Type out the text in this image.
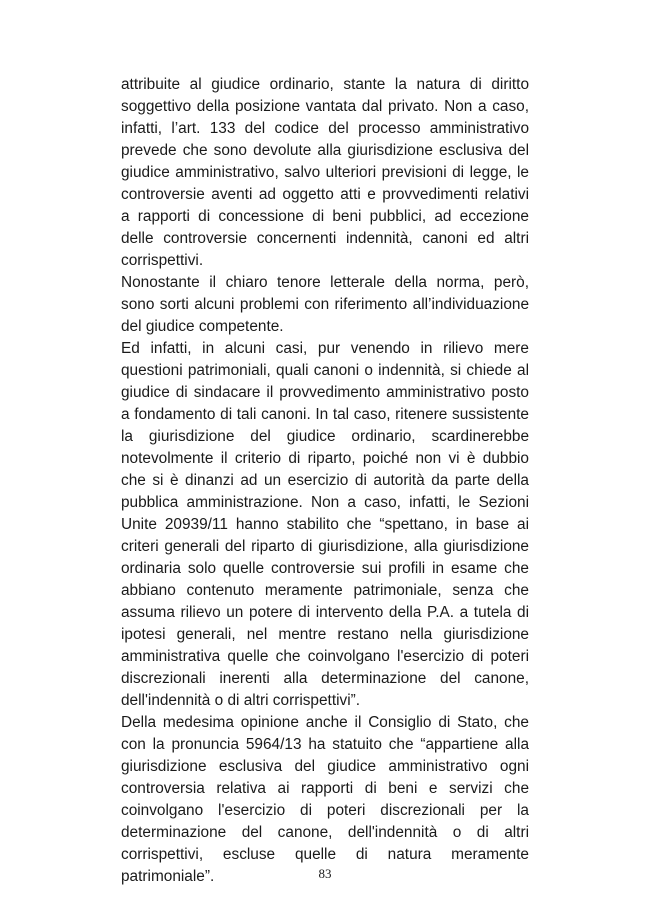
attribuite al giudice ordinario, stante la natura di diritto
soggettivo della posizione vantata dal privato. Non a caso,
infatti, l’art. 133 del codice del processo amministrativo
prevede che sono devolute alla giurisdizione esclusiva del
giudice amministrativo, salvo ulteriori previsioni di legge, le
controversie aventi ad oggetto atti e provvedimenti relativi
a rapporti di concessione di beni pubblici, ad eccezione
delle controversie concernenti indennità, canoni ed altri
corrispettivi.
Nonostante il chiaro tenore letterale della norma, però,
sono sorti alcuni problemi con riferimento all’individuazione
del giudice competente.
Ed infatti, in alcuni casi, pur venendo in rilievo mere
questioni patrimoniali, quali canoni o indennità, si chiede al
giudice di sindacare il provvedimento amministrativo posto
a fondamento di tali canoni. In tal caso, ritenere sussistente
la giurisdizione del giudice ordinario, scardinerebbe
notevolmente il criterio di riparto, poiché non vi è dubbio
che si è dinanzi ad un esercizio di autorità da parte della
pubblica amministrazione. Non a caso, infatti, le Sezioni
Unite 20939/11 hanno stabilito che “spettano, in base ai
criteri generali del riparto di giurisdizione, alla giurisdizione
ordinaria solo quelle controversie sui profili in esame che
abbiano contenuto meramente patrimoniale, senza che
assuma rilievo un potere di intervento della P.A. a tutela di
ipotesi generali, nel mentre restano nella giurisdizione
amministrativa quelle che coinvolgano l'esercizio di poteri
discrezionali inerenti alla determinazione del canone,
dell'indennità o di altri corrispettivi”.
Della medesima opinione anche il Consiglio di Stato, che
con la pronuncia 5964/13 ha statuito che “appartiene alla
giurisdizione esclusiva del giudice amministrativo ogni
controversia relativa ai rapporti di beni e servizi che
coinvolgano l'esercizio di poteri discrezionali per la
determinazione del canone, dell'indennità o di altri
corrispettivi, escluse quelle di natura meramente
patrimoniale”.	83
